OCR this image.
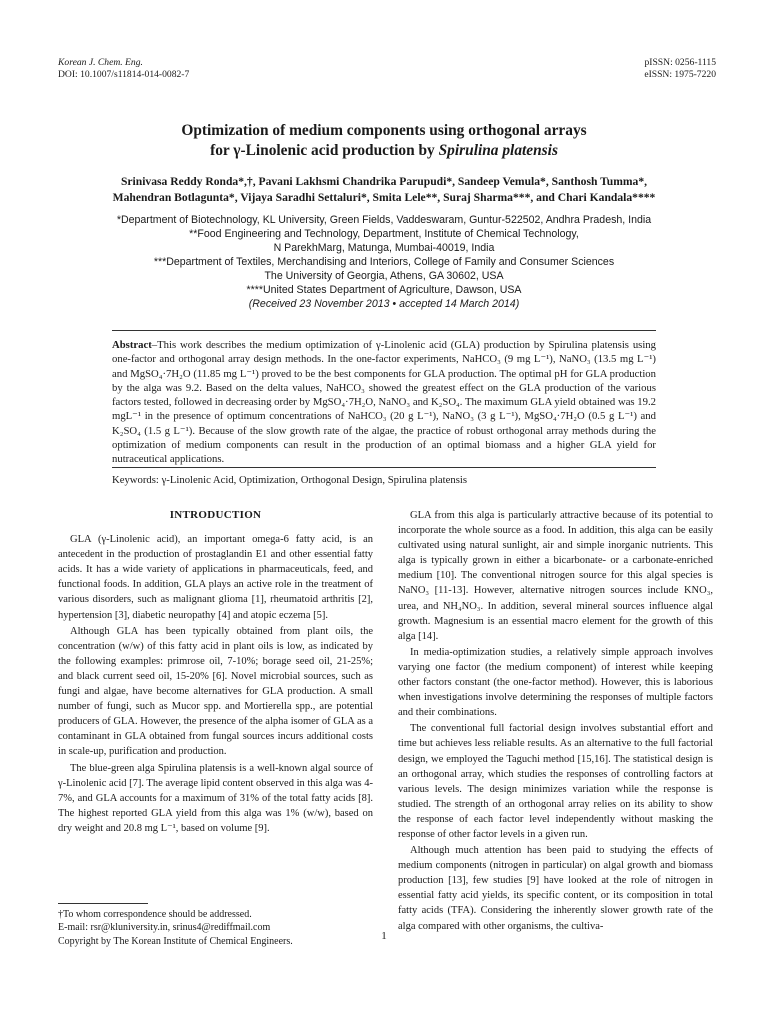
Korean J. Chem. Eng.
DOI: 10.1007/s11814-014-0082-7
pISSN: 0256-1115
eISSN: 1975-7220
Optimization of medium components using orthogonal arrays
for γ-Linolenic acid production by Spirulina platensis
Srinivasa Reddy Ronda*,†, Pavani Lakhsmi Chandrika Parupudi*, Sandeep Vemula*, Santhosh Tumma*,
Mahendran Botlagunta*, Vijaya Saradhi Settaluri*, Smita Lele**, Suraj Sharma***, and Chari Kandala****
*Department of Biotechnology, KL University, Green Fields, Vaddeswaram, Guntur-522502, Andhra Pradesh, India
**Food Engineering and Technology, Department, Institute of Chemical Technology,
N ParekhMarg, Matunga, Mumbai-40019, India
***Department of Textiles, Merchandising and Interiors, College of Family and Consumer Sciences
The University of Georgia, Athens, GA 30602, USA
****United States Department of Agriculture, Dawson, USA
(Received 23 November 2013 • accepted 14 March 2014)
Abstract–This work describes the medium optimization of γ-Linolenic acid (GLA) production by Spirulina platensis using one-factor and orthogonal array design methods. In the one-factor experiments, NaHCO₃ (9 mg L⁻¹), NaNO₃ (13.5 mg L⁻¹) and MgSO₄·7H₂O (11.85 mg L⁻¹) proved to be the best components for GLA production. The optimal pH for GLA production by the alga was 9.2. Based on the delta values, NaHCO₃ showed the greatest effect on the GLA production of the various factors tested, followed in decreasing order by MgSO₄·7H₂O, NaNO₃ and K₂SO₄. The maximum GLA yield obtained was 19.2 mgL⁻¹ in the presence of optimum concentrations of NaHCO₃ (20 g L⁻¹), NaNO₃ (3 g L⁻¹), MgSO₄·7H₂O (0.5 g L⁻¹) and K₂SO₄ (1.5 g L⁻¹). Because of the slow growth rate of the algae, the practice of robust orthogonal array methods during the optimization of medium components can result in the production of an optimal biomass and a higher GLA yield for nutraceutical applications.
Keywords: γ-Linolenic Acid, Optimization, Orthogonal Design, Spirulina platensis
INTRODUCTION

GLA (γ-Linolenic acid), an important omega-6 fatty acid, is an antecedent in the production of prostaglandin E1 and other essential fatty acids. It has a wide variety of applications in pharmaceuticals, feed, and functional foods. In addition, GLA plays an active role in the treatment of various disorders, such as malignant glioma [1], rheumatoid arthritis [2], hypertension [3], diabetic neuropathy [4] and atopic eczema [5].

Although GLA has been typically obtained from plant oils, the concentration (w/w) of this fatty acid in plant oils is low, as indicated by the following examples: primrose oil, 7-10%; borage seed oil, 21-25%; and black current seed oil, 15-20% [6]. Novel microbial sources, such as fungi and algae, have become alternatives for GLA production. A small number of fungi, such as Mucor spp. and Mortierella spp., are potential producers of GLA. However, the presence of the alpha isomer of GLA as a contaminant in GLA obtained from fungal sources incurs additional costs in scale-up, purification and production.

The blue-green alga Spirulina platensis is a well-known algal source of γ-Linolenic acid [7]. The average lipid content observed in this alga was 4-7%, and GLA accounts for a maximum of 31% of the total fatty acids [8]. The highest reported GLA yield from this alga was 1% (w/w), based on dry weight and 20.8 mg L⁻¹, based on volume [9].

GLA from this alga is particularly attractive because of its potential to incorporate the whole source as a food. In addition, this alga can be easily cultivated using natural sunlight, air and simple inorganic nutrients. This alga is typically grown in either a bicarbonate- or a carbonate-enriched medium [10]. The conventional nitrogen source for this algal species is NaNO₃ [11-13]. However, alternative nitrogen sources include KNO₃, urea, and NH₄NO₃. In addition, several mineral sources influence algal growth. Magnesium is an essential macro element for the growth of this alga [14].

In media-optimization studies, a relatively simple approach involves varying one factor (the medium component) of interest while keeping other factors constant (the one-factor method). However, this is laborious when investigations involve determining the responses of multiple factors and their combinations.

The conventional full factorial design involves substantial effort and time but achieves less reliable results. As an alternative to the full factorial design, we employed the Taguchi method [15,16]. The statistical design is an orthogonal array, which studies the responses of controlling factors at various levels. The design minimizes variation while the response is studied. The strength of an orthogonal array relies on its ability to show the response of each factor level independently without masking the response of other factor levels in a given run.

Although much attention has been paid to studying the effects of medium components (nitrogen in particular) on algal growth and biomass production [13], few studies [9] have looked at the role of nitrogen in essential fatty acid yields, its specific content, or its composition in total fatty acids (TFA). Considering the inherently slower growth rate of the alga compared with other organisms, the cultiva-

†To whom correspondence should be addressed.

E-mail: rsr@kluniversity.in, srinus4@rediffmail.com

Copyright by The Korean Institute of Chemical Engineers.	1
